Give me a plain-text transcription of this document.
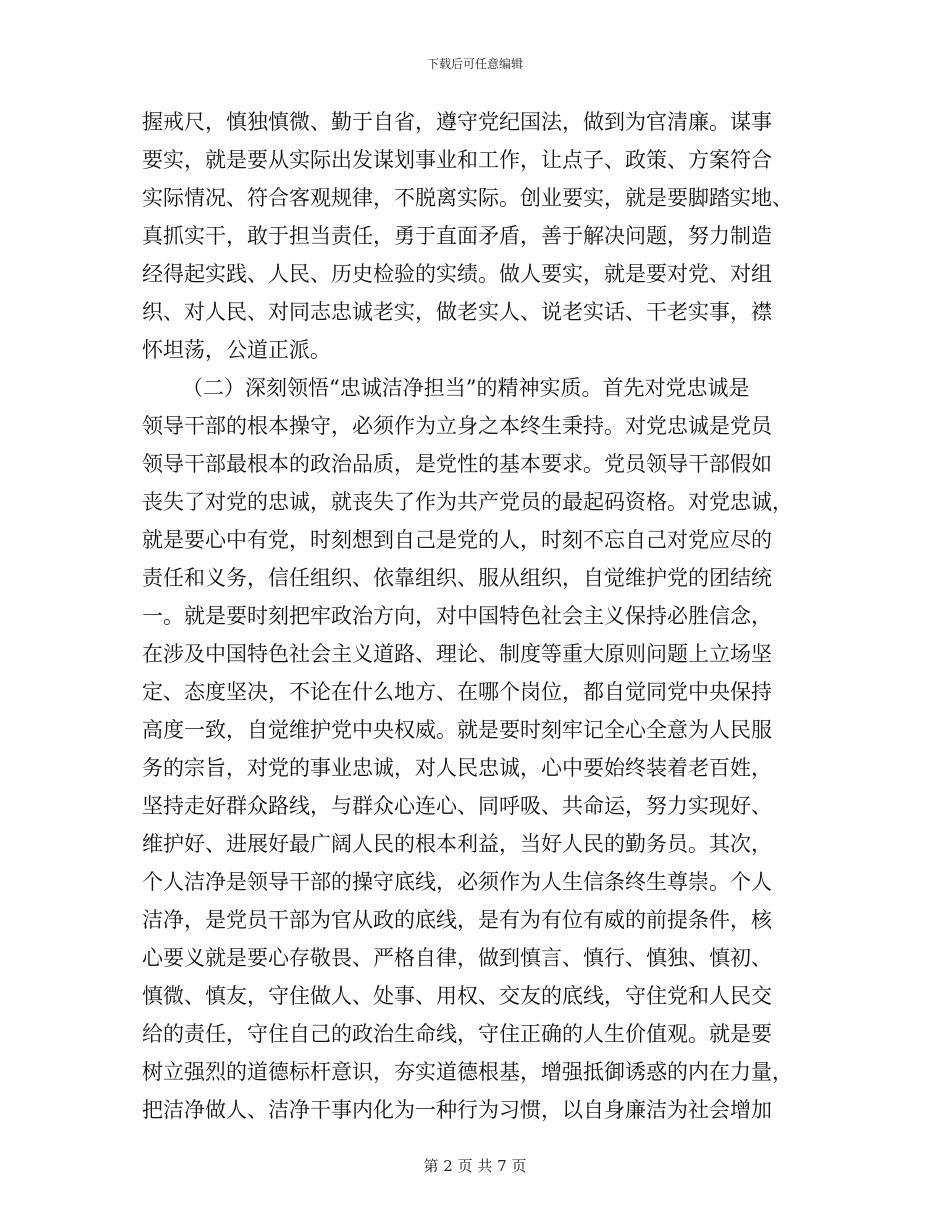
下载后可任意编辑
握戒尺，慎独慎微、勤于自省，遵守党纪国法，做到为官清廉。谋事
要实，就是要从实际出发谋划事业和工作，让点子、政策、方案符合
实际情况、符合客观规律，不脱离实际。创业要实，就是要脚踏实地、
真抓实干，敢于担当责任，勇于直面矛盾，善于解决问题，努力制造
经得起实践、人民、历史检验的实绩。做人要实，就是要对党、对组
织、对人民、对同志忠诚老实，做老实人、说老实话、干老实事，襟
怀坦荡，公道正派。
（二）深刻领悟“忠诚洁净担当”的精神实质。首先对党忠诚是
领导干部的根本操守，必须作为立身之本终生秉持。对党忠诚是党员
领导干部最根本的政治品质，是党性的基本要求。党员领导干部假如
丧失了对党的忠诚，就丧失了作为共产党员的最起码资格。对党忠诚，
就是要心中有党，时刻想到自己是党的人，时刻不忘自己对党应尽的
责任和义务，信任组织、依靠组织、服从组织，自觉维护党的团结统
一。就是要时刻把牢政治方向，对中国特色社会主义保持必胜信念，
在涉及中国特色社会主义道路、理论、制度等重大原则问题上立场坚
定、态度坚决，不论在什么地方、在哪个岗位，都自觉同党中央保持
高度一致，自觉维护党中央权威。就是要时刻牢记全心全意为人民服
务的宗旨，对党的事业忠诚，对人民忠诚，心中要始终装着老百姓，
坚持走好群众路线，与群众心连心、同呼吸、共命运，努力实现好、
维护好、进展好最广阔人民的根本利益，当好人民的勤务员。其次，
个人洁净是领导干部的操守底线，必须作为人生信条终生尊崇。个人
洁净，是党员干部为官从政的底线，是有为有位有威的前提条件，核
心要义就是要心存敬畏、严格自律，做到慎言、慎行、慎独、慎初、
慎微、慎友，守住做人、处事、用权、交友的底线，守住党和人民交
给的责任，守住自己的政治生命线，守住正确的人生价值观。就是要
树立强烈的道德标杆意识，夯实道德根基，增强抵御诱惑的内在力量，
把洁净做人、洁净干事内化为一种行为习惯，以自身廉洁为社会增加
第 2 页 共 7 页
